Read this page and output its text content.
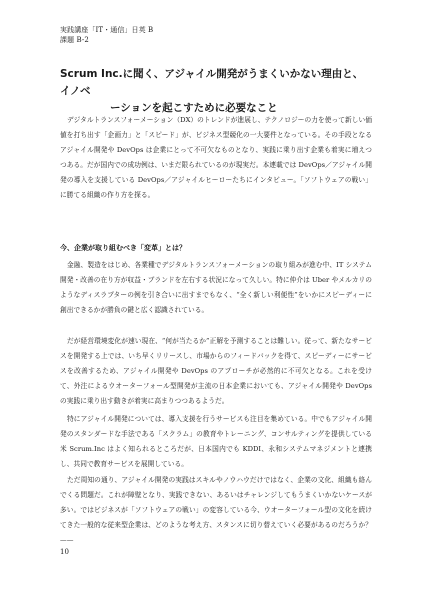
実践講座「IT・通信」日英 B
課題 B-2
Scrum Inc.に聞く、アジャイル開発がうまくいかない理由と、イノベ
ーションを起こすために必要なこと

デジタルトランスフォーメーション（DX）のトレンドが進展し、テクノロジーの力を使って新しい価値を打ち出す「企画力」と「スピード」が、ビジネス型競化の一大要件となっている。その手段となるアジャイル開発や DevOps は企業にとって不可欠なものとなり、実践に乗り出す企業も着実に増えつつある。だが国内での成功例は、いまだ限られているのが現実だ。本連載では DevOps／アジャイル開発の導入を支援している DevOps／アジャイルヒーローたちにインタビュー。「ソフトウェアの戦い」に勝てる組織の作り方を探る。

今、企業が取り組むべき「変革」とは？

金融、製造をはじめ、各業種でデジタルトランスフォーメーションの取り組みが進む中、IT システム開発・改善の在り方が収益・ブランドを左右する状況になって久しい。特に仲介は Uber やメルカリのようなディスラプターの例を引き合いに出すまでもなく、“全く新しい利便性”をいかにスピーディーに創出できるかが勝負の鍵と広く認識されている。

だが経営環境変化が速い現在、“何が当たるか”正解を予測することは難しい。従って、新たなサービスを開発する上では、いち早くリリースし、市場からのフィードバックを得て、スピーディーにサービスを改善するため、アジャイル開発や DevOps のアプローチが必然的に不可欠となる。これを受けて、外注によるウオーターフォール型開発が主流の日本企業においても、アジャイル開発や DevOps の実践に乗り出す動きが着実に高まりつつあるようだ。

特にアジャイル開発については、導入支援を行うサービスも注目を集めている。中でもアジャイル開発のスタンダードな手法である「スクラム」の教育やトレーニング、コンサルティングを提供している米 Scrum.Inc はよく知られるところだが、日本国内でも KDDI、永和システムマネジメントと連携し、共同で教育サービスを展開している。

ただ周知の通り、アジャイル開発の実践はスキルやノウハウだけではなく、企業の文化、組織も絡んでくる問題だ。これが障壁となり、実践できない、あるいはチャレンジしてもうまくいかないケースが多い。ではビジネスが「ソフトウェアの戦い」の変容している今、ウオーターフォール型の文化を続けてきた一般的な従来型企業は、どのような考え方、スタンスに切り替えていく必要があるのだろうか？——

10
